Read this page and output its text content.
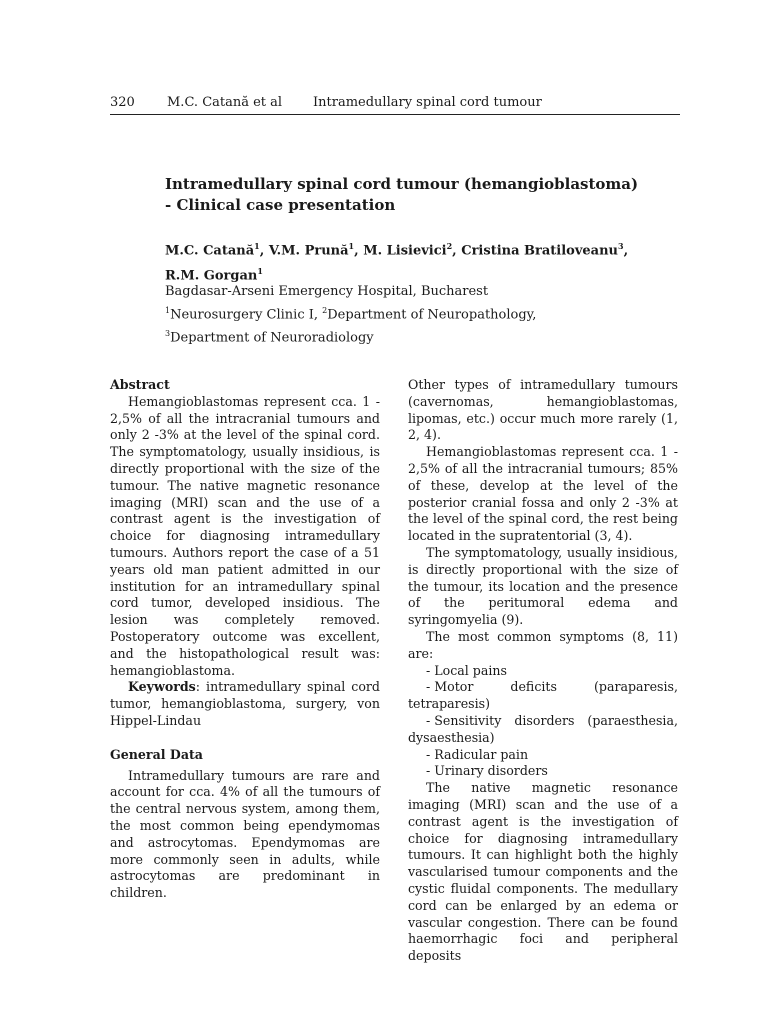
320 M.C. Catană et al Intramedullary spinal cord tumour
Intramedullary spinal cord tumour (hemangioblastoma) - Clinical case presentation
M.C. Catană$^1$, V.M. Prună$^1$, M. Lisievici$^2$, Cristina Bratiloveanu$^3$,
R.M. Gorgan$^1$
Bagdasar-Arseni Emergency Hospital, Bucharest
$^1$Neurosurgery Clinic I, $^2$Department of Neuropathology,
$^3$Department of Neuroradiology

Abstract

Hemangioblastomas represent cca. 1 - 2,5% of all the intracranial tumours and only 2 -3% at the level of the spinal cord. The symptomatology, usually insidious, is directly proportional with the size of the tumour. The native magnetic resonance imaging (MRI) scan and the use of a contrast agent is the investigation of choice for diagnosing intramedullary tumours. Authors report the case of a 51 years old man patient admitted in our institution for an intramedullary spinal cord tumor, developed insidious. The lesion was completely removed. Postoperatory outcome was excellent, and the histopathological result was: hemangioblastoma.

Keywords: intramedullary spinal cord tumor, hemangioblastoma, surgery, von Hippel-Lindau

General Data

Intramedullary tumours are rare and account for cca. 4% of all the tumours of the central nervous system, among them, the most common being ependymomas and astrocytomas. Ependymomas are more commonly seen in adults, while astrocytomas are predominant in children.

Other types of intramedullary tumours (cavernomas, hemangioblastomas, lipomas, etc.) occur much more rarely (1, 2, 4).

Hemangioblastomas represent cca. 1 - 2,5% of all the intracranial tumours; 85% of these, develop at the level of the posterior cranial fossa and only 2 -3% at the level of the spinal cord, the rest being located in the supratentorial (3, 4).

The symptomatology, usually insidious, is directly proportional with the size of the tumour, its location and the presence of the peritumoral edema and syringomyelia (9).

The most common symptoms (8, 11) are:

- Local pains

- Motor	deficits	(paraparesis,

tetraparesis)

- Sensitivity disorders (paraesthesia,

dysaesthesia)

- Radicular pain

- Urinary disorders

The native magnetic resonance imaging (MRI) scan and the use of a contrast agent is the investigation of choice for diagnosing intramedullary tumours. It can highlight both the highly vascularised tumour components and the cystic fluidal components. The medullary cord can be enlarged by an edema or vascular congestion. There can be found haemorrhagic foci and peripheral deposits
